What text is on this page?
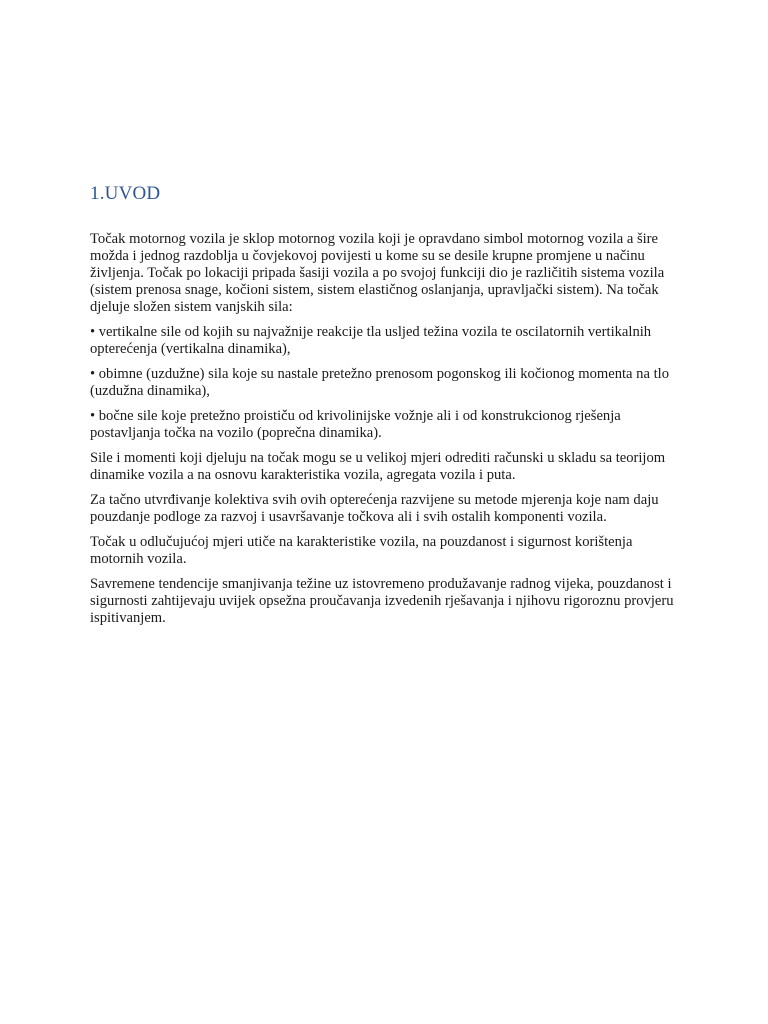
1.UVOD

Točak motornog vozila je sklop motornog vozila koji je opravdano simbol motornog vozila a šire možda i jednog razdoblja u čovjekovoj povijesti u kome su se desile krupne promjene u načinu življenja. Točak po lokaciji pripada šasiji vozila a po svojoj funkciji dio je različitih sistema vozila (sistem prenosa snage, kočioni sistem, sistem elastičnog oslanjanja, upravljački sistem). Na točak djeluje složen sistem vanjskih sila:

• vertikalne sile od kojih su najvažnije reakcije tla usljed težina vozila te oscilatornih vertikalnih opterećenja (vertikalna dinamika),

• obimne (uzdužne) sila koje su nastale pretežno prenosom pogonskog ili kočionog momenta na tlo (uzdužna dinamika),

• bočne sile koje pretežno proističu od krivolinijske vožnje ali i od konstrukcionog rješenja postavljanja točka na vozilo (poprečna dinamika).

Sile i momenti koji djeluju na točak mogu se u velikoj mjeri odrediti računski u skladu sa teorijom dinamike vozila a na osnovu karakteristika vozila, agregata vozila i puta.

Za tačno utvrđivanje kolektiva svih ovih opterećenja razvijene su metode mjerenja koje nam daju pouzdanje podloge za razvoj i usavršavanje točkova ali i svih ostalih komponenti vozila.

Točak u odlučujućoj mjeri utiče na karakteristike vozila, na pouzdanost i sigurnost korištenja motornih vozila.

Savremene tendencije smanjivanja težine uz istovremeno produžavanje radnog vijeka, pouzdanost i sigurnosti zahtijevaju uvijek opsežna proučavanja izvedenih rješavanja i njihovu rigoroznu provjeru ispitivanjem.
